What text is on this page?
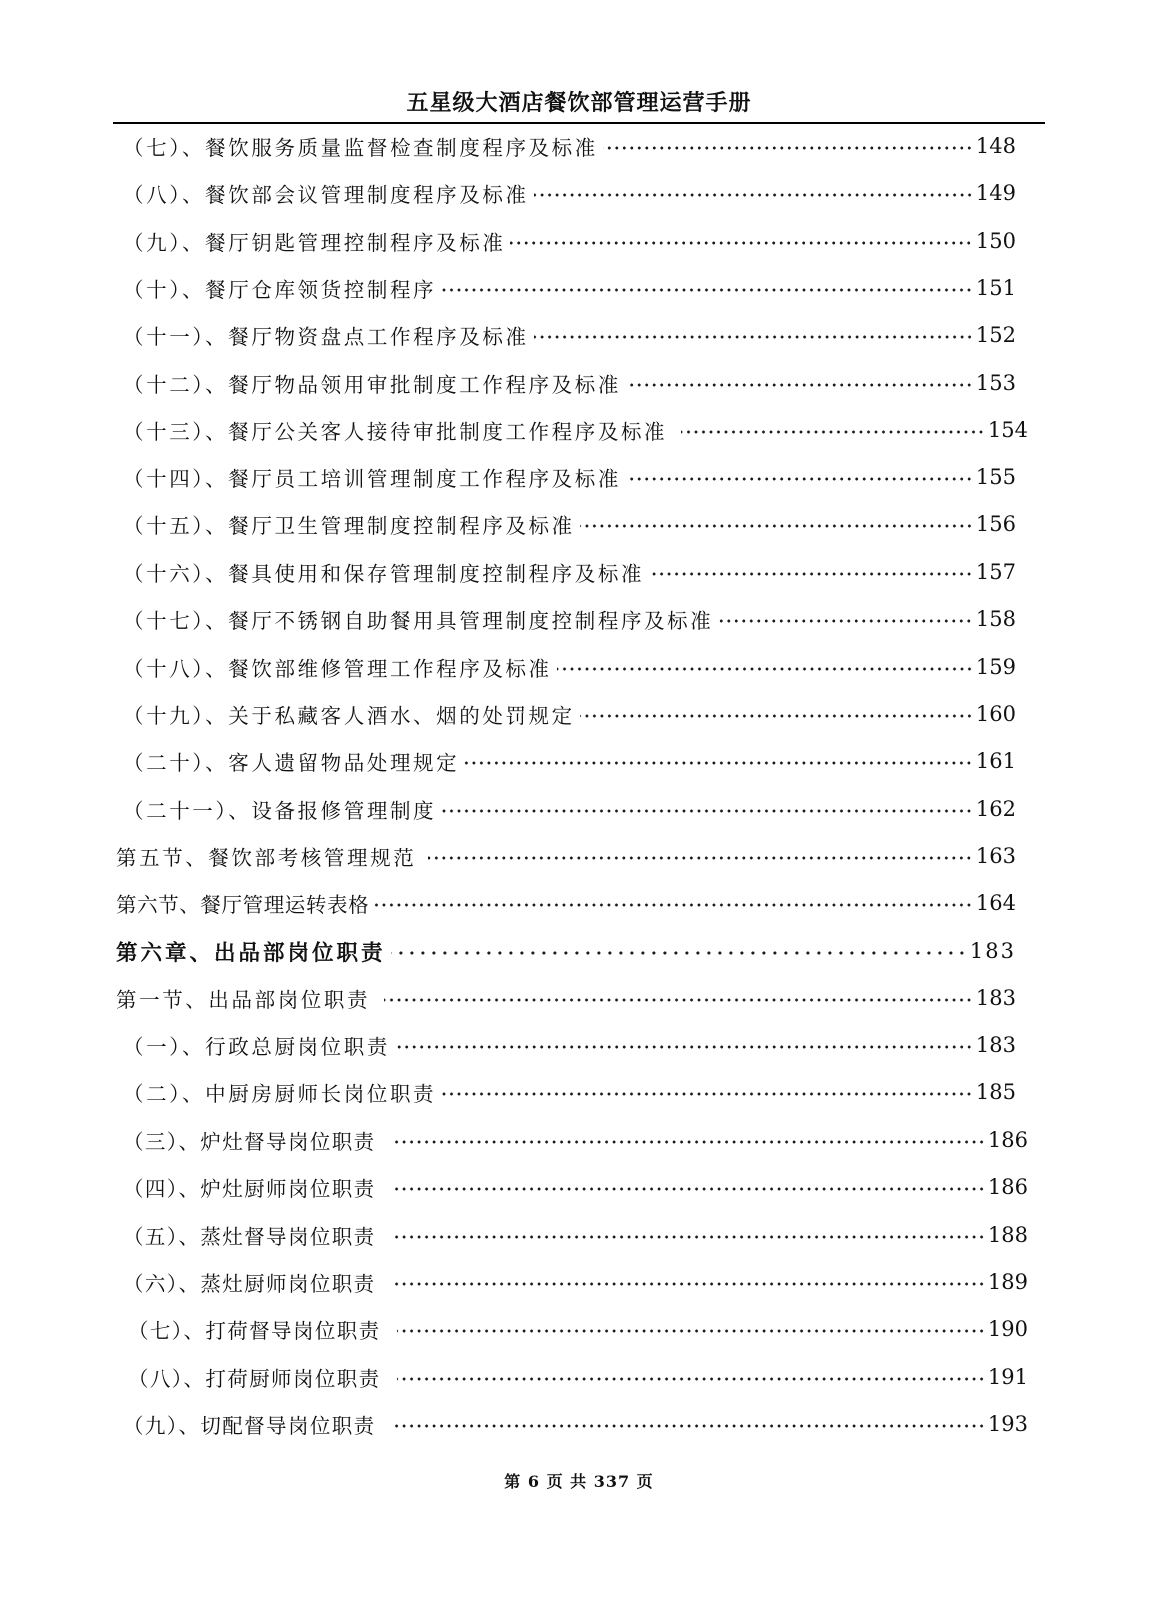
五星级大酒店餐饮部管理运营手册
（七）、餐饮服务质量监督检查制度程序及标准	148
（八）、餐饮部会议管理制度程序及标准	149
（九）、餐厅钥匙管理控制程序及标准	150
（十）、餐厅仓库领货控制程序	151
（十一）、餐厅物资盘点工作程序及标准	152
（十二）、餐厅物品领用审批制度工作程序及标准	153
（十三）、餐厅公关客人接待审批制度工作程序及标准	154
（十四）、餐厅员工培训管理制度工作程序及标准	155
（十五）、餐厅卫生管理制度控制程序及标准	156
（十六）、餐具使用和保存管理制度控制程序及标准	157
（十七）、餐厅不锈钢自助餐用具管理制度控制程序及标准	158
（十八）、餐饮部维修管理工作程序及标准	159
（十九）、关于私藏客人酒水、烟的处罚规定	160
（二十）、客人遗留物品处理规定	161
（二十一）、设备报修管理制度	162
第五节、餐饮部考核管理规范	163
第六节、餐厅管理运转表格	164
第六章、出品部岗位职责	183
第一节、出品部岗位职责	183
（一）、行政总厨岗位职责	183
（二）、中厨房厨师长岗位职责	185
（三）、炉灶督导岗位职责	186
（四）、炉灶厨师岗位职责	186
（五）、蒸灶督导岗位职责	188
（六）、蒸灶厨师岗位职责	189
（七）、打荷督导岗位职责	190
（八）、打荷厨师岗位职责	191
（九）、切配督导岗位职责	193
第 6 页 共 337 页
